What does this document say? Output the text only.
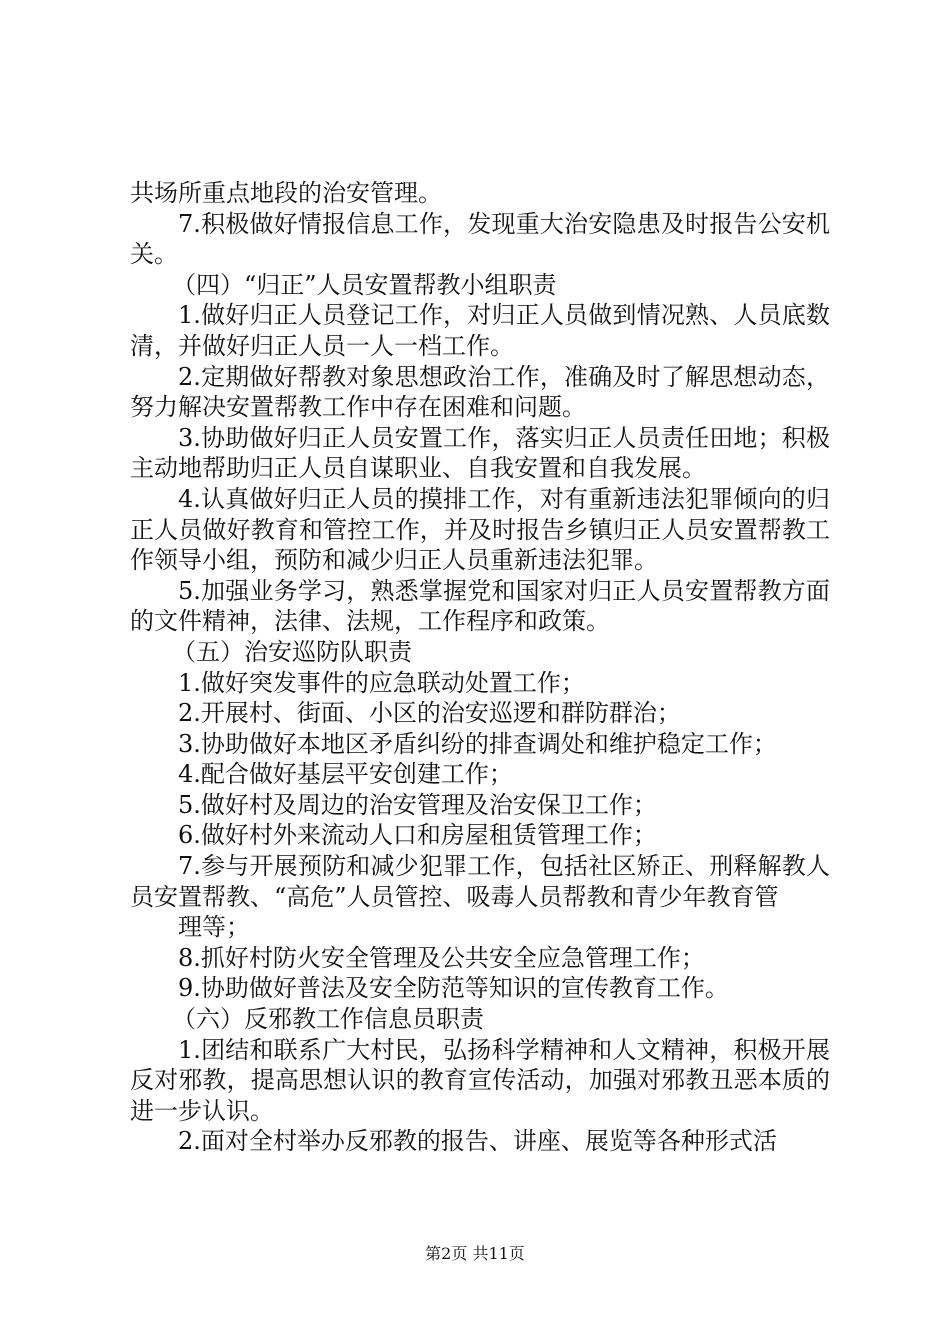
共场所重点地段的治安管理。

7.积极做好情报信息工作，发现重大治安隐患及时报告公安机关。

（四）“归正”人员安置帮教小组职责

1.做好归正人员登记工作，对归正人员做到情况熟、人员底数清，并做好归正人员一人一档工作。

2.定期做好帮教对象思想政治工作，准确及时了解思想动态，努力解决安置帮教工作中存在困难和问题。

3.协助做好归正人员安置工作，落实归正人员责任田地；积极主动地帮助归正人员自谋职业、自我安置和自我发展。

4.认真做好归正人员的摸排工作，对有重新违法犯罪倾向的归正人员做好教育和管控工作，并及时报告乡镇归正人员安置帮教工作领导小组，预防和减少归正人员重新违法犯罪。

5.加强业务学习，熟悉掌握党和国家对归正人员安置帮教方面的文件精神，法律、法规，工作程序和政策。

（五）治安巡防队职责

1.做好突发事件的应急联动处置工作；

2.开展村、街面、小区的治安巡逻和群防群治；

3.协助做好本地区矛盾纠纷的排查调处和维护稳定工作；

4.配合做好基层平安创建工作；

5.做好村及周边的治安管理及治安保卫工作；

6.做好村外来流动人口和房屋租赁管理工作；

7.参与开展预防和减少犯罪工作，包括社区矫正、刑释解教人员安置帮教、“高危”人员管控、吸毒人员帮教和青少年教育管

理等；

8.抓好村防火安全管理及公共安全应急管理工作；

9.协助做好普法及安全防范等知识的宣传教育工作。

（六）反邪教工作信息员职责

1.团结和联系广大村民，弘扬科学精神和人文精神，积极开展反对邪教，提高思想认识的教育宣传活动，加强对邪教丑恶本质的进一步认识。

2.面对全村举办反邪教的报告、讲座、展览等各种形式活

第2页 共11页
